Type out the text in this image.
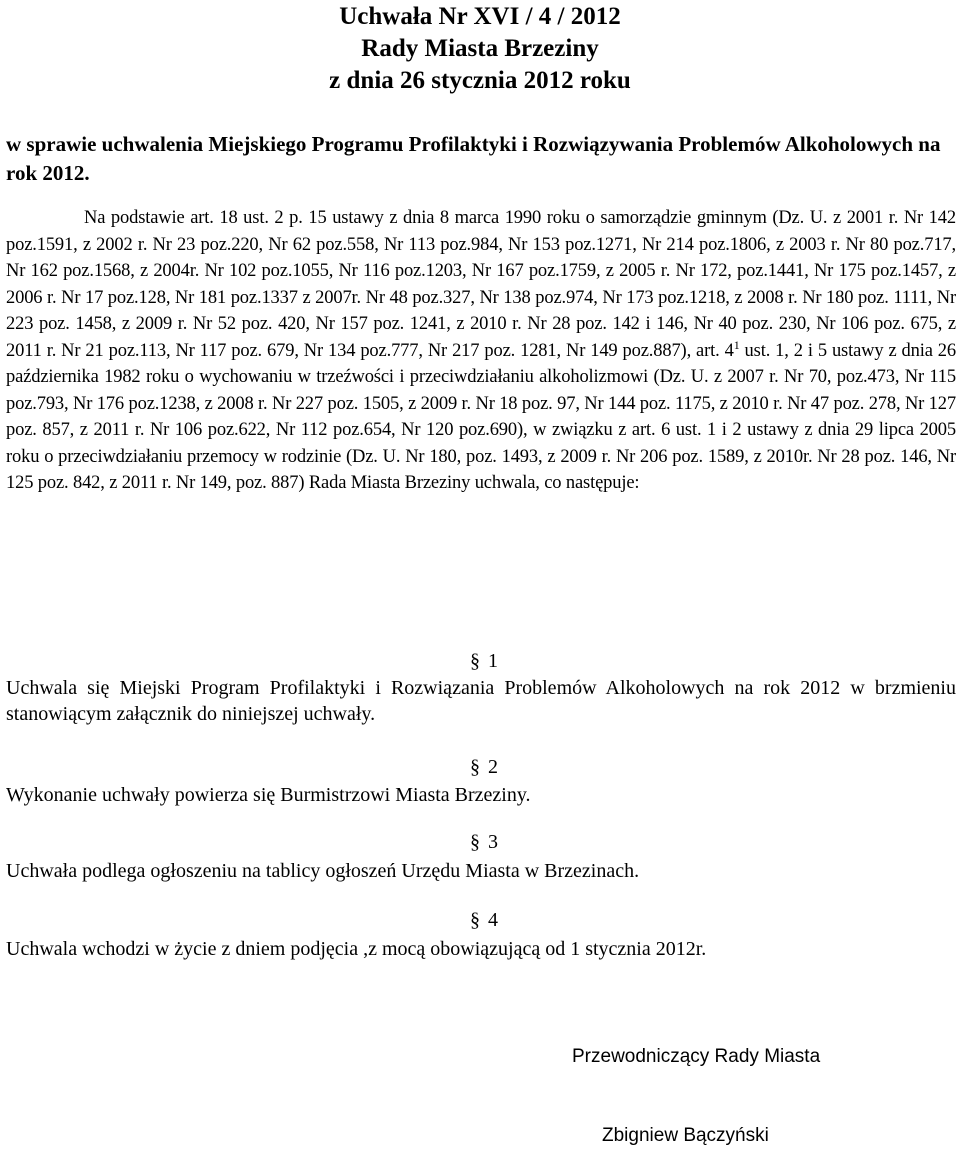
Uchwała Nr XVI / 4 / 2012
Rady Miasta Brzeziny
z dnia 26 stycznia 2012 roku
w sprawie uchwalenia Miejskiego Programu Profilaktyki i Rozwiązywania Problemów Alkoholowych na rok 2012.
Na podstawie art. 18 ust. 2 p. 15 ustawy z dnia 8 marca 1990 roku o samorządzie gminnym (Dz. U. z 2001 r. Nr 142 poz.1591, z 2002 r. Nr 23 poz.220, Nr 62 poz.558, Nr 113 poz.984, Nr 153 poz.1271, Nr 214 poz.1806, z 2003 r. Nr 80 poz.717, Nr 162 poz.1568, z 2004r. Nr 102 poz.1055, Nr 116 poz.1203, Nr 167 poz.1759, z 2005 r. Nr 172, poz.1441, Nr 175 poz.1457, z 2006 r. Nr 17 poz.128, Nr 181 poz.1337 z 2007r. Nr 48 poz.327, Nr 138 poz.974, Nr 173 poz.1218, z 2008 r. Nr 180 poz. 1111, Nr 223 poz. 1458, z 2009 r. Nr 52 poz. 420, Nr 157 poz. 1241, z 2010 r. Nr 28 poz. 142 i 146, Nr 40 poz. 230, Nr 106 poz. 675, z 2011 r. Nr 21 poz.113, Nr 117 poz. 679, Nr 134 poz.777, Nr 217 poz. 1281, Nr 149 poz.887), art. $4^1$ ust. 1, 2 i 5 ustawy z dnia 26 października 1982 roku o wychowaniu w trzeźwości i przeciwdziałaniu alkoholizmowi (Dz. U. z 2007 r. Nr 70, poz.473, Nr 115 poz.793, Nr 176 poz.1238, z 2008 r. Nr 227 poz. 1505, z 2009 r. Nr 18 poz. 97, Nr 144 poz. 1175, z 2010 r. Nr 47 poz. 278, Nr 127 poz. 857, z 2011 r. Nr 106 poz.622, Nr 112 poz.654, Nr 120 poz.690), w związku z art. 6 ust. 1 i 2 ustawy z dnia 29 lipca 2005 roku o przeciwdziałaniu przemocy w rodzinie (Dz. U. Nr 180, poz. 1493, z 2009 r. Nr 206 poz. 1589, z 2010r. Nr 28 poz. 146, Nr 125 poz. 842, z 2011 r. Nr 149, poz. 887) Rada Miasta Brzeziny uchwala, co następuje:
§ 1
Uchwala się Miejski Program Profilaktyki i Rozwiązania Problemów Alkoholowych na rok 2012 w brzmieniu stanowiącym załącznik do niniejszej uchwały.
§ 2
Wykonanie uchwały powierza się Burmistrzowi Miasta Brzeziny.
§ 3
Uchwała podlega ogłoszeniu na tablicy ogłoszeń Urzędu Miasta w Brzezinach.
§ 4
Uchwala wchodzi w życie z dniem podjęcia ,z mocą obowiązującą od 1 stycznia 2012r.
Przewodniczący Rady Miasta
Zbigniew Bączyński
